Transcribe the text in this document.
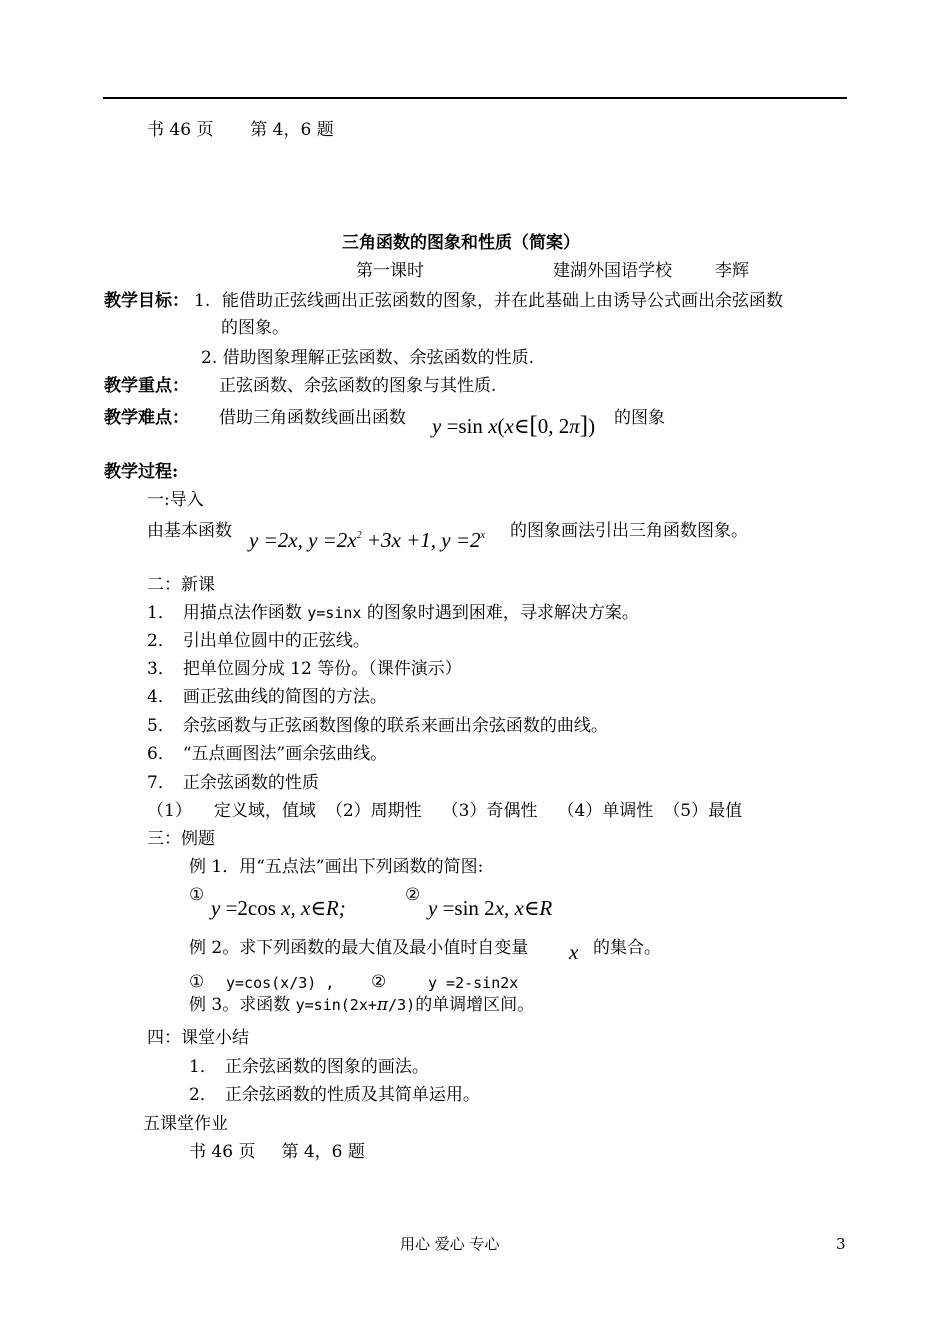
书 46 页 第 4，6 题
三角函数的图象和性质（简案）
第一课时	建湖外国语学校	李辉
教学目标： 1. 能借助正弦线画出正弦函数的图象，并在此基础上由诱导公式画出余弦函数
的图象。
2. 借助图象理解正弦函数、余弦函数的性质.
教学重点： 正弦函数、余弦函数的图象与其性质.
教学难点： 借助三角函数线画出函数 y =sin x(x∈[0, 2π]) 的图象
教学过程:
一:导入
由基本函数 y =2x, $y =2x^2 +3x +1$, $y =2^x$ 的图象画法引出三角函数图象。
二：新课
1． 用描点法作函数 y=sinx 的图象时遇到困难，寻求解决方案。
2． 引出单位圆中的正弦线。
3． 把单位圆分成 12 等份。（课件演示）
4． 画正弦曲线的简图的方法。
5． 余弦函数与正弦函数图像的联系来画出余弦函数的曲线。
6． “五点画图法”画余弦曲线。
7． 正余弦函数的性质
（1） 定义域，值域 （2）周期性 （3）奇偶性 （4）单调性 （5）最值
三：例题
例 1．用“五点法”画出下列函数的简图:
①
y =2cos x, x∈R;
②
y =sin 2x, x∈R
例 2。求下列函数的最大值及最小值时自变量 x 的集合。
① y=cos(x/3) , ②	y =2-sin2x
例 3。求函数 y=sin(2x+π/3)的单调增区间。
四：课堂小结
1． 正余弦函数的图象的画法。
2． 正余弦函数的性质及其简单运用。
五课堂作业
书 46 页 第 4，6 题
用心 爱心 专心	3
